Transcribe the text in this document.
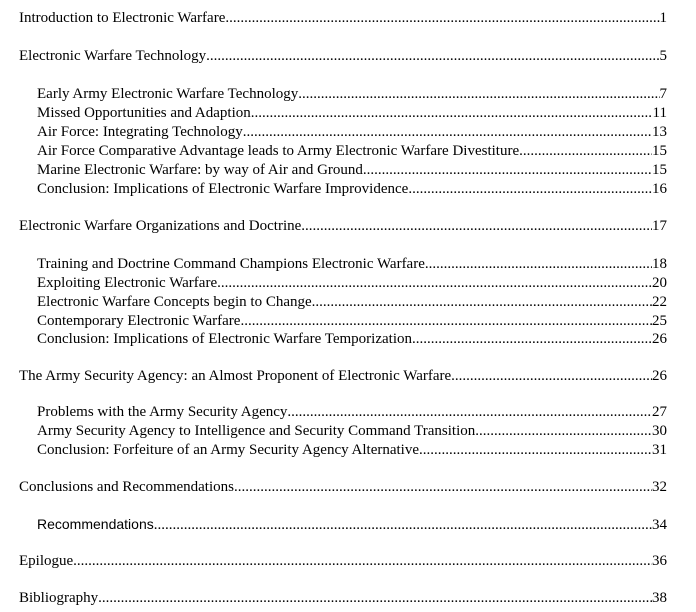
Introduction to Electronic Warfare .....	1
Electronic Warfare Technology .....	5
Early Army Electronic Warfare Technology .....	7
Missed Opportunities and Adaption .....	11
Air Force: Integrating Technology .....	13
Air Force Comparative Advantage leads to Army Electronic Warfare Divestiture .....	15
Marine Electronic Warfare: by way of Air and Ground .....	15
Conclusion: Implications of Electronic Warfare Improvidence .....	16
Electronic Warfare Organizations and Doctrine .....	17
Training and Doctrine Command Champions Electronic Warfare .....	18
Exploiting Electronic Warfare .....	20
Electronic Warfare Concepts begin to Change .....	22
Contemporary Electronic Warfare .....	25
Conclusion: Implications of Electronic Warfare Temporization .....	26
The Army Security Agency: an Almost Proponent of Electronic Warfare .....	26
Problems with the Army Security Agency .....	27
Army Security Agency to Intelligence and Security Command Transition .....	30
Conclusion: Forfeiture of an Army Security Agency Alternative .....	31
Conclusions and Recommendations .....	32
Recommendations .....	34
Epilogue .....	36
Bibliography .....	38
